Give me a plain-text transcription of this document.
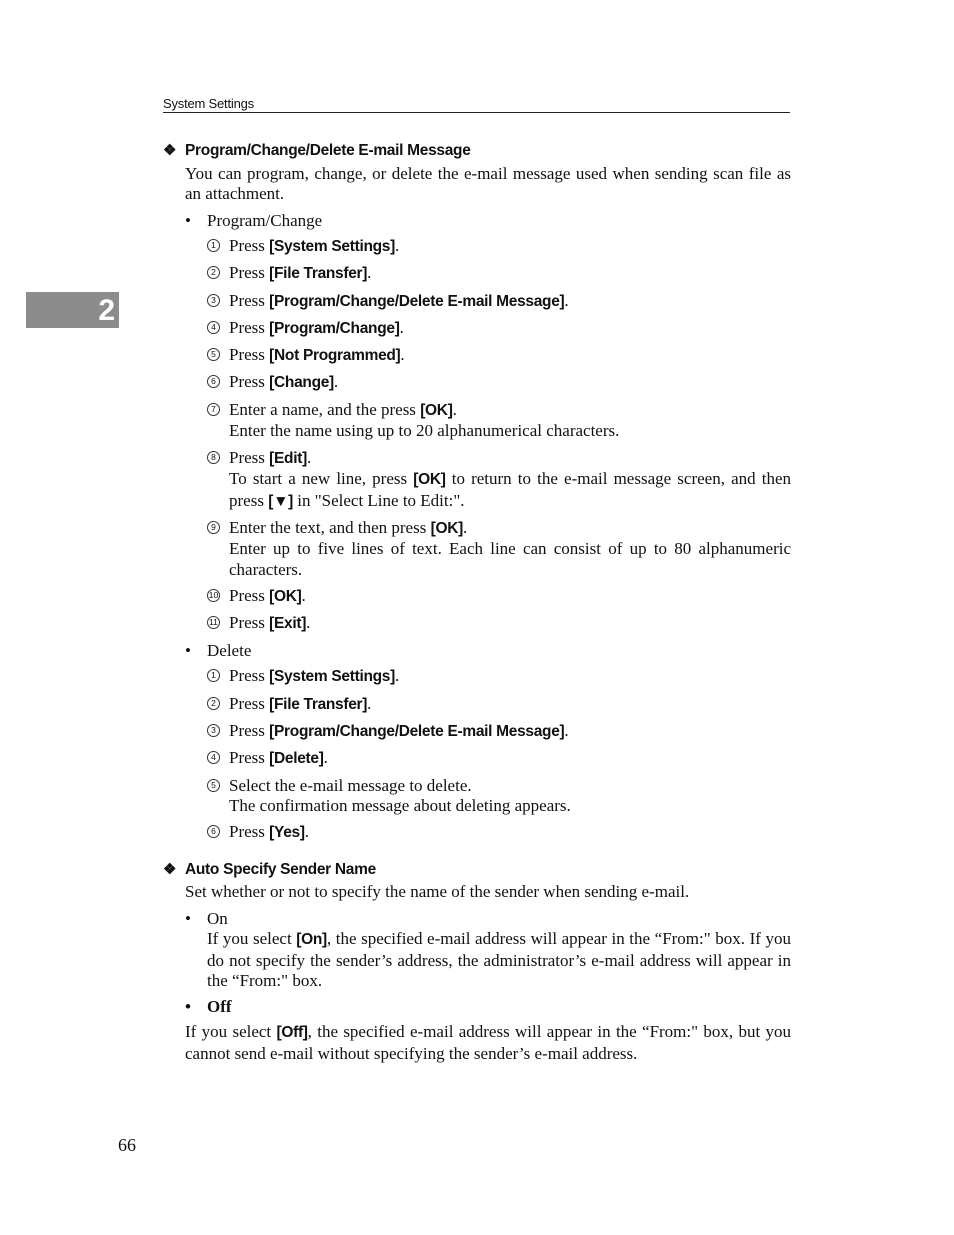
System Settings
2
❖ Program/Change/Delete E-mail Message

You can program, change, or delete the e-mail message used when sending scan file as an attachment.

• Program/Change
1 Press [System Settings].
2 Press [File Transfer].
3 Press [Program/Change/Delete E-mail Message].
4 Press [Program/Change].
5 Press [Not Programmed].
6 Press [Change].
7 Enter a name, and the press [OK].
Enter the name using up to 20 alphanumerical characters.
8 Press [Edit].
To start a new line, press [OK] to return to the e-mail message screen, and then press [▼] in "Select Line to Edit:".
9 Enter the text, and then press [OK].
Enter up to five lines of text. Each line can consist of up to 80 alphanumeric characters.
10 Press [OK].
11 Press [Exit].
• Delete
1 Press [System Settings].
2 Press [File Transfer].
3 Press [Program/Change/Delete E-mail Message].
4 Press [Delete].
5 Select the e-mail message to delete.
The confirmation message about deleting appears.
6 Press [Yes].
❖ Auto Specify Sender Name

Set whether or not to specify the name of the sender when sending e-mail.

• On
If you select [On], the specified e-mail address will appear in the “From:" box. If you do not specify the sender’s address, the administrator’s e-mail address will appear in the “From:" box.
• Off

If you select [Off], the specified e-mail address will appear in the “From:" box, but you cannot send e-mail without specifying the sender’s e-mail address.

66
